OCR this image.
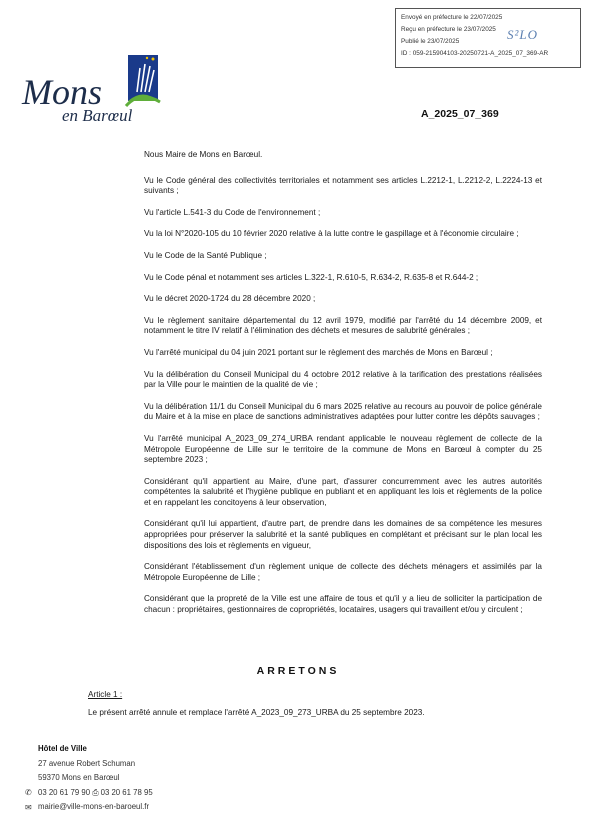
Envoyé en préfecture le 22/07/2025
Reçu en préfecture le 23/07/2025
Publié le 23/07/2025
ID : 059-215904103-20250721-A_2025_07_369-AR
S²LO
Mons
en Barœul	A_2025_07_369

Nous Maire de Mons en Barœul.

Vu le Code général des collectivités territoriales et notamment ses articles L.2212-1, L.2212-2, L.2224-13 et suivants ;

Vu l'article L.541-3 du Code de l'environnement ;

Vu la loi N°2020-105 du 10 février 2020 relative à la lutte contre le gaspillage et à l'économie circulaire ;

Vu le Code de la Santé Publique ;

Vu le Code pénal et notamment ses articles L.322-1, R.610-5, R.634-2, R.635-8 et R.644-2 ;

Vu le décret 2020-1724 du 28 décembre 2020 ;

Vu le règlement sanitaire départemental du 12 avril 1979, modifié par l'arrêté du 14 décembre 2009, et notamment le titre IV relatif à l'élimination des déchets et mesures de salubrité générales ;

Vu l'arrêté municipal du 04 juin 2021 portant sur le règlement des marchés de Mons en Barœul ;

Vu la délibération du Conseil Municipal du 4 octobre 2012 relative à la tarification des prestations réalisées par la Ville pour le maintien de la qualité de vie ;

Vu la délibération 11/1 du Conseil Municipal du 6 mars 2025 relative au recours au pouvoir de police générale du Maire et à la mise en place de sanctions administratives adaptées pour lutter contre les dépôts sauvages ;

Vu l'arrêté municipal A_2023_09_274_URBA rendant applicable le nouveau règlement de collecte de la Métropole Européenne de Lille sur le territoire de la commune de Mons en Barœul à compter du 25 septembre 2023 ;

Considérant qu'il appartient au Maire, d'une part, d'assurer concurremment avec les autres autorités compétentes la salubrité et l'hygiène publique en publiant et en appliquant les lois et règlements de la police et en rappelant les concitoyens à leur observation,

Considérant qu'il lui appartient, d'autre part, de prendre dans les domaines de sa compétence les mesures appropriées pour préserver la salubrité et la santé publiques en complétant et précisant sur le plan local les dispositions des lois et règlements en vigueur,

Considérant l'établissement d'un règlement unique de collecte des déchets ménagers et assimilés par la Métropole Européenne de Lille ;

Considérant que la propreté de la Ville est une affaire de tous et qu'il y a lieu de solliciter la participation de chacun : propriétaires, gestionnaires de copropriétés, locataires, usagers qui travaillent et/ou y circulent ;

ARRETONS
Article 1 :
Le présent arrêté annule et remplace l'arrêté A_2023_09_273_URBA du 25 septembre 2023.
Hôtel de Ville
27 avenue Robert Schuman
59370 Mons en Barœul
03 20 61 79 90 ⎙ 03 20 61 78 95
mairie@ville-mons-en-baroeul.fr
✆
✉
